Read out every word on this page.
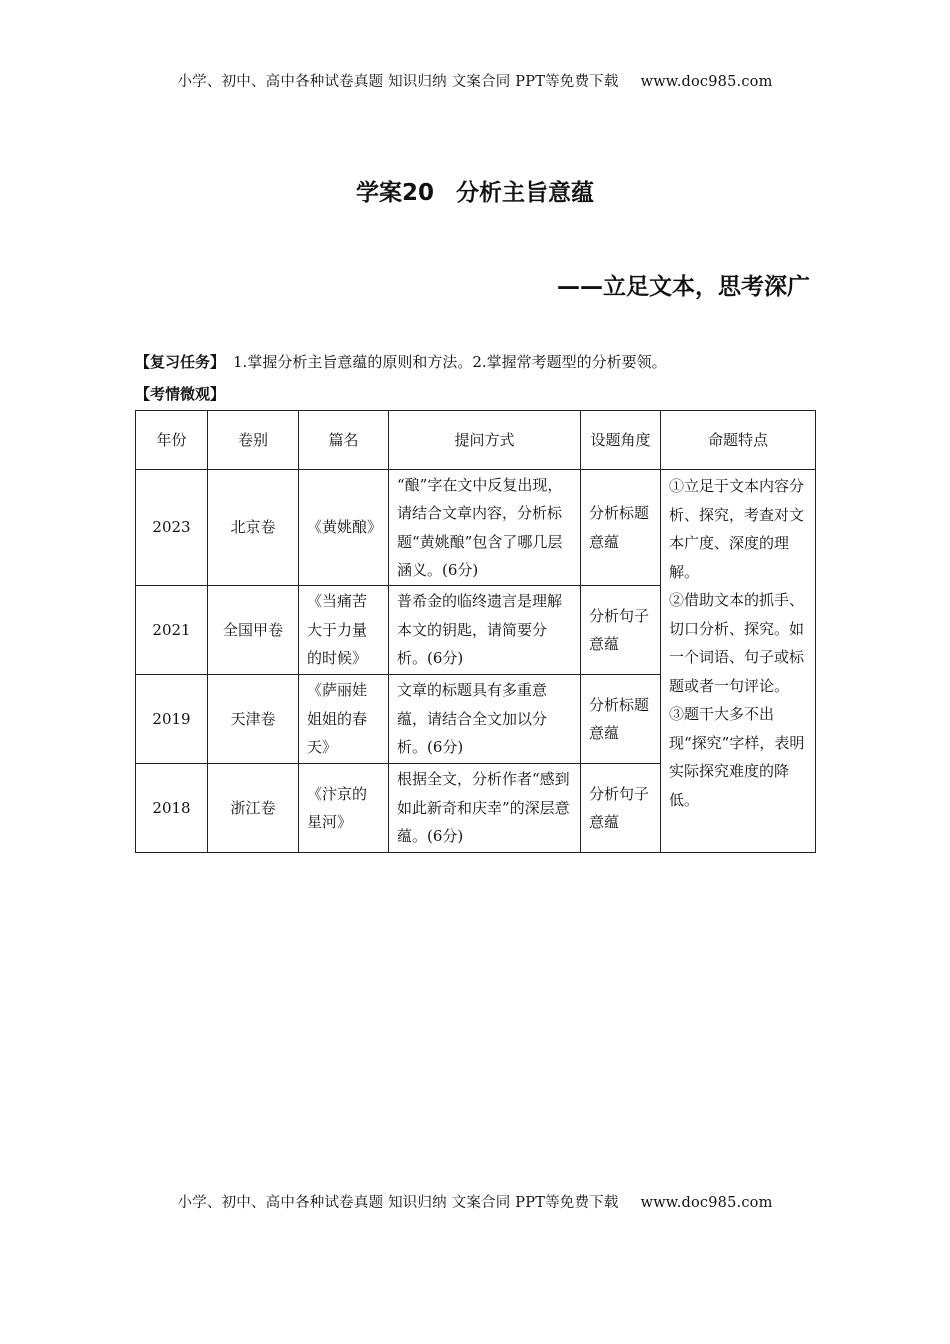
小学、初中、高中各种试卷真题 知识归纳 文案合同 PPT等免费下载 www.doc985.com
学案20 分析主旨意蕴
——立足文本，思考深广
【复习任务】 1.掌握分析主旨意蕴的原则和方法。2.掌握常考题型的分析要领。
【考情微观】
年份	卷别	篇名	提问方式	设题角度	命题特点
2023	北京卷	《黄姚酿》	“酿”字在文中反复出现，请结合文章内容，分析标题“黄姚酿”包含了哪几层涵义。(6分)	分析标题意蕴	①立足于文本内容分析、探究，考查对文本广度、深度的理解。
②借助文本的抓手、切口分析、探究。如一个词语、句子或标题或者一句评论。
③题干大多不出现“探究”字样，表明实际探究难度的降低。

2021	全国甲卷	《当痛苦大于力量的时候》	普希金的临终遗言是理解本文的钥匙，请简要分析。(6分)	分析句子意蕴	
2019	天津卷	《萨丽娃姐姐的春天》	文章的标题具有多重意蕴，请结合全文加以分析。(6分)	分析标题意蕴	
2018	浙江卷	《汴京的星河》	根据全文，分析作者“感到如此新奇和庆幸”的深层意蕴。(6分)	分析句子意蕴	
小学、初中、高中各种试卷真题 知识归纳 文案合同 PPT等免费下载 www.doc985.com
